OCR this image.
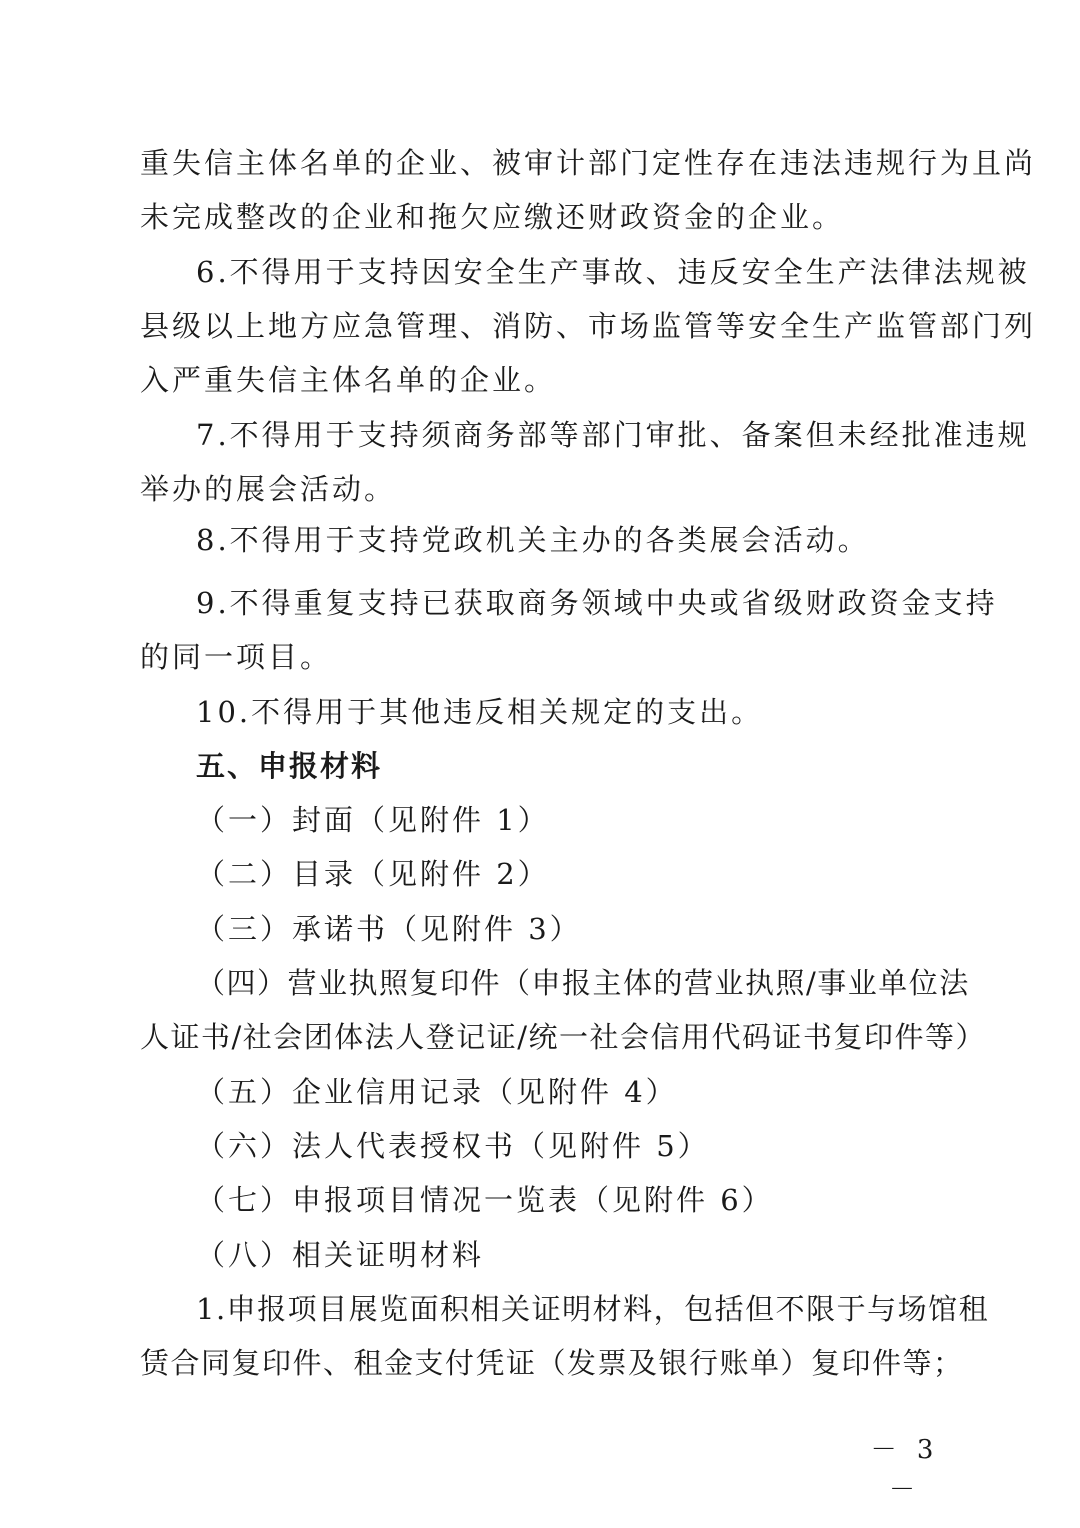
重失信主体名单的企业、被审计部门定性存在违法违规行为且尚
未完成整改的企业和拖欠应缴还财政资金的企业。
6.不得用于支持因安全生产事故、违反安全生产法律法规被
县级以上地方应急管理、消防、市场监管等安全生产监管部门列
入严重失信主体名单的企业。
7.不得用于支持须商务部等部门审批、备案但未经批准违规
举办的展会活动。
8.不得用于支持党政机关主办的各类展会活动。
9.不得重复支持已获取商务领域中央或省级财政资金支持
的同一项目。
10.不得用于其他违反相关规定的支出。
五、申报材料
（一）封面（见附件 1）
（二）目录（见附件 2）
（三）承诺书（见附件 3）
（四）营业执照复印件（申报主体的营业执照/事业单位法
人证书/社会团体法人登记证/统一社会信用代码证书复印件等）
（五）企业信用记录（见附件 4）
（六）法人代表授权书（见附件 5）
（七）申报项目情况一览表（见附件 6）
（八）相关证明材料
1.申报项目展览面积相关证明材料，包括但不限于与场馆租
赁合同复印件、租金支付凭证（发票及银行账单）复印件等；
－ 3 －
